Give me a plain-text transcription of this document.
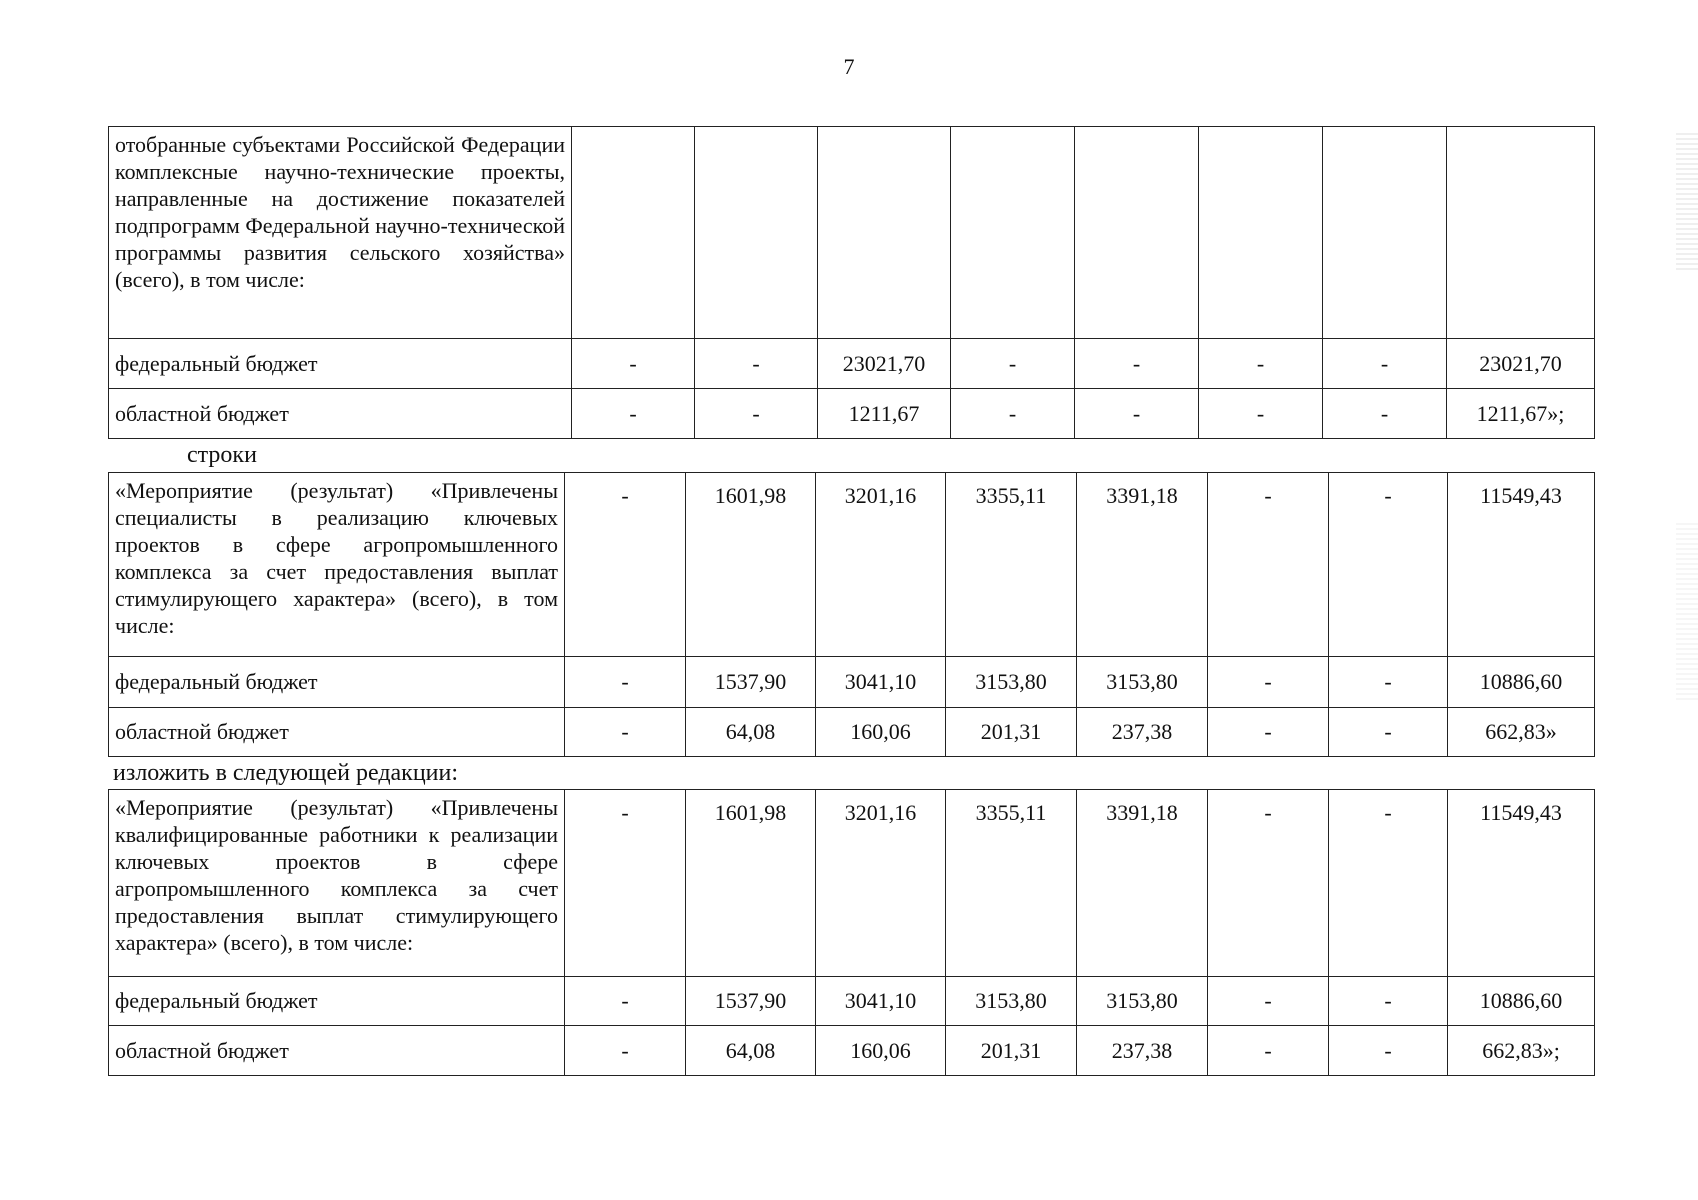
7
отобранные субъектами Российской Федерации комплексные научно-технические проекты, направленные на достижение показателей подпрограмм Федеральной научно-технической программы развития сельского хозяйства» (всего), в том числе:								
федеральный бюджет	-	-	23021,70	-	-	-	-	23021,70
областной бюджет	-	-	1211,67	-	-	-	-	1211,67»;
строки
«Мероприятие (результат) «Привлечены специалисты в реализацию ключевых проектов в сфере агропромышленного комплекса за счет предоставления выплат стимулирующего характера» (всего), в том числе:	-	1601,98	3201,16	3355,11	3391,18	-	-	11549,43
федеральный бюджет	-	1537,90	3041,10	3153,80	3153,80	-	-	10886,60
областной бюджет	-	64,08	160,06	201,31	237,38	-	-	662,83»
изложить в следующей редакции:
«Мероприятие (результат) «Привлечены квалифицированные работники к реализации ключевых проектов в сфере агропромышленного комплекса за счет предоставления выплат стимулирующего характера» (всего), в том числе:	-	1601,98	3201,16	3355,11	3391,18	-	-	11549,43
федеральный бюджет	-	1537,90	3041,10	3153,80	3153,80	-	-	10886,60
областной бюджет	-	64,08	160,06	201,31	237,38	-	-	662,83»;
